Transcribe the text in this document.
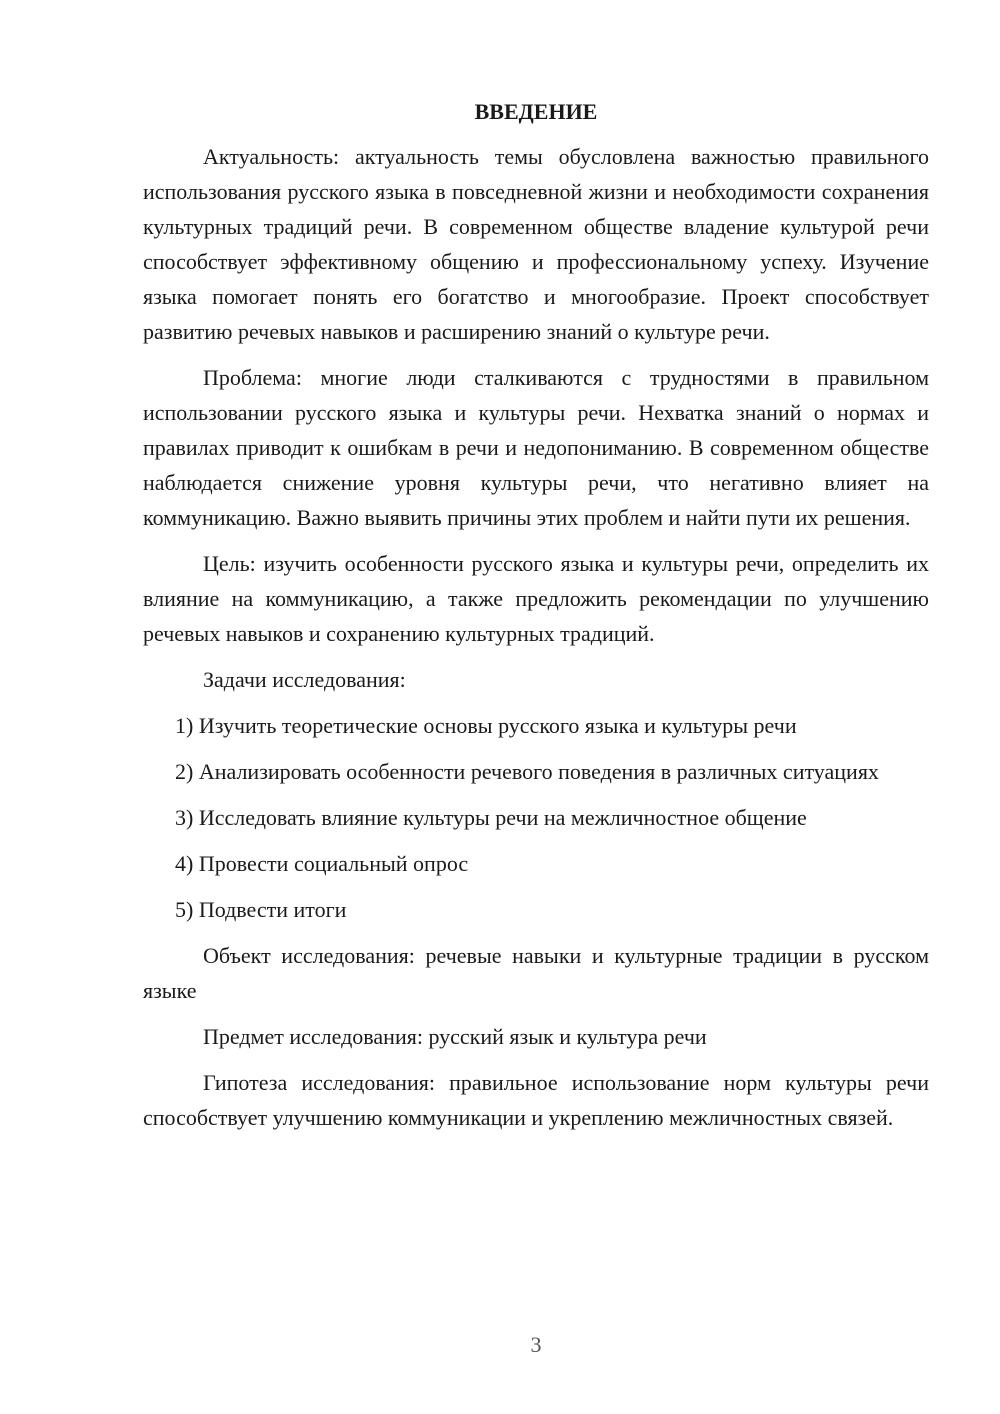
ВВЕДЕНИЕ

Актуальность: актуальность темы обусловлена важностью правильного использования русского языка в повседневной жизни и необходимости сохранения культурных традиций речи. В современном обществе владение культурой речи способствует эффективному общению и профессиональному успеху. Изучение языка помогает понять его богатство и многообразие. Проект способствует развитию речевых навыков и расширению знаний о культуре речи.

Проблема: многие люди сталкиваются с трудностями в правильном использовании русского языка и культуры речи. Нехватка знаний о нормах и правилах приводит к ошибкам в речи и недопониманию. В современном обществе наблюдается снижение уровня культуры речи, что негативно влияет на коммуникацию. Важно выявить причины этих проблем и найти пути их решения.

Цель: изучить особенности русского языка и культуры речи, определить их влияние на коммуникацию, а также предложить рекомендации по улучшению речевых навыков и сохранению культурных традиций.

Задачи исследования:

1) Изучить теоретические основы русского языка и культуры речи

2) Анализировать особенности речевого поведения в различных ситуациях

3) Исследовать влияние культуры речи на межличностное общение

4) Провести социальный опрос

5) Подвести итоги

Объект исследования: речевые навыки и культурные традиции в русском языке

Предмет исследования: русский язык и культура речи

Гипотеза исследования: правильное использование норм культуры речи способствует улучшению коммуникации и укреплению межличностных связей.

3
